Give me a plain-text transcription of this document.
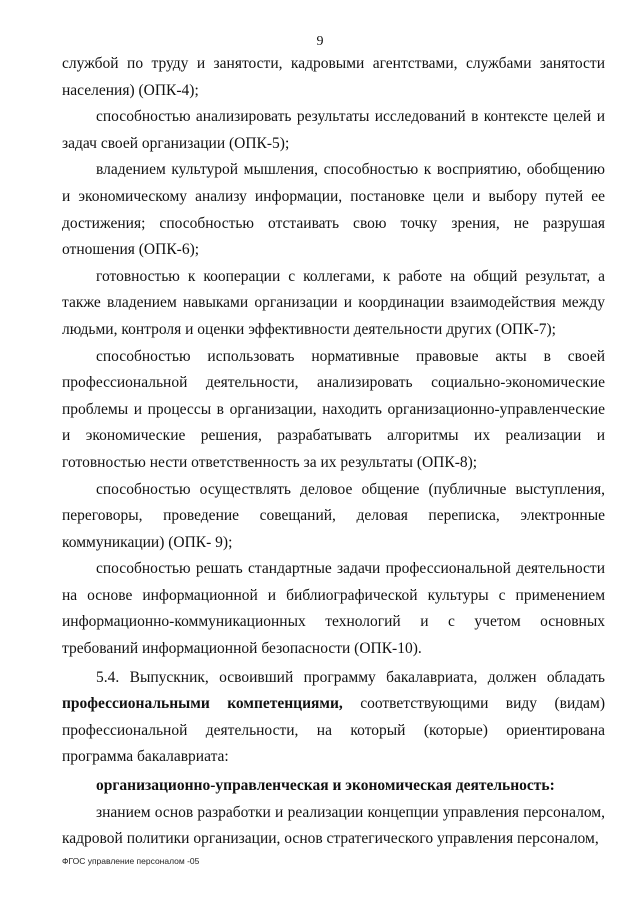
9

службой по труду и занятости, кадровыми агентствами, службами занятости населения) (ОПК-4);

способностью анализировать результаты исследований в контексте целей и задач своей организации (ОПК-5);

владением культурой мышления, способностью к восприятию, обобщению и экономическому анализу информации, постановке цели и выбору путей ее достижения; способностью отстаивать свою точку зрения, не разрушая отношения (ОПК-6);

готовностью к кооперации с коллегами, к работе на общий результат, а также владением навыками организации и координации взаимодействия между людьми, контроля и оценки эффективности деятельности других (ОПК-7);

способностью использовать нормативные правовые акты в своей профессиональной деятельности, анализировать социально-экономические проблемы и процессы в организации, находить организационно-управленческие и экономические решения, разрабатывать алгоритмы их реализации и готовностью нести ответственность за их результаты (ОПК-8);

способностью осуществлять деловое общение (публичные выступления, переговоры, проведение совещаний, деловая переписка, электронные коммуникации) (ОПК- 9);

способностью решать стандартные задачи профессиональной деятельности на основе информационной и библиографической культуры с применением информационно-коммуникационных технологий и с учетом основных требований информационной безопасности (ОПК-10).

5.4. Выпускник, освоивший программу бакалавриата, должен обладать профессиональными компетенциями, соответствующими виду (видам) профессиональной деятельности, на который (которые) ориентирована программа бакалавриата:

организационно-управленческая и экономическая деятельность:

знанием основ разработки и реализации концепции управления персоналом, кадровой политики организации, основ стратегического управления персоналом,

ФГОС управление персоналом -05
